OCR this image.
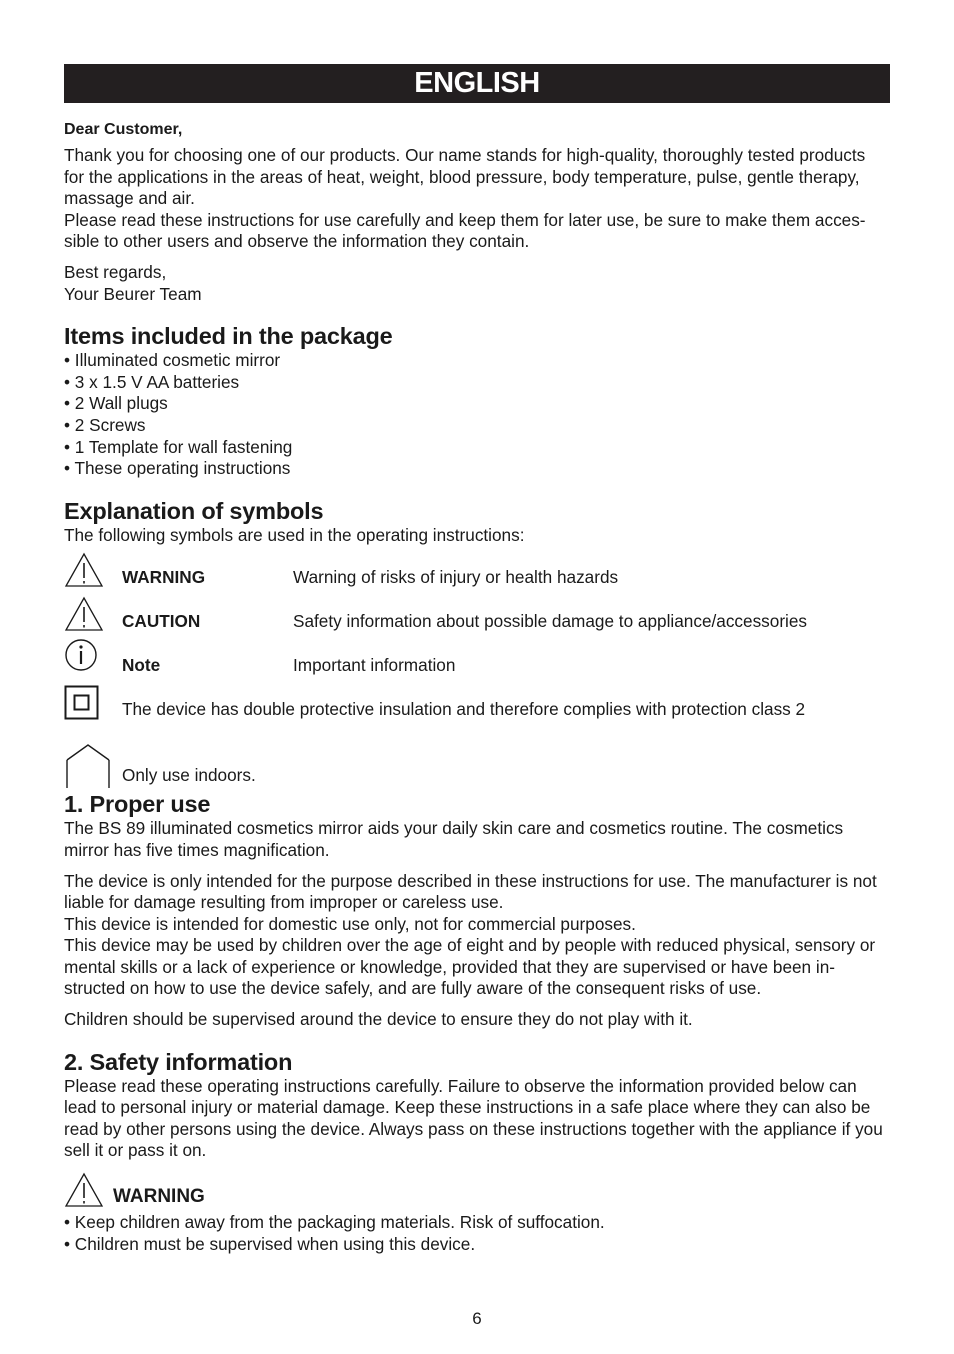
ENGLISH

Dear Customer,

Thank you for choosing one of our products. Our name stands for high-quality, thoroughly tested products for the applications in the areas of heat, weight, blood pressure, body temperature, pulse, gentle therapy, massage and air.

Please read these instructions for use carefully and keep them for later use, be sure to make them acces-sible to other users and observe the information they contain.

Best regards,

Your Beurer Team

Items included in the package
• Illuminated cosmetic mirror
• 3 x 1.5 V AA batteries
• 2 Wall plugs
• 2 Screws
• 1 Template for wall fastening
• These operating instructions
Explanation of symbols

The following symbols are used in the operating instructions:

WARNING	Warning of risks of injury or health hazards
CAUTION	Safety information about possible damage to appliance/accessories
Note	Important information
The device has double protective insulation and therefore complies with protection class 2
Only use indoors.
1. Proper use

The BS 89 illuminated cosmetics mirror aids your daily skin care and cosmetics routine. The cosmetics mirror has five times magnification.

The device is only intended for the purpose described in these instructions for use. The manufacturer is not liable for damage resulting from improper or careless use.

This device is intended for domestic use only, not for commercial purposes.

This device may be used by children over the age of eight and by people with reduced physical, sensory or mental skills or a lack of experience or knowledge, provided that they are supervised or have been in-structed on how to use the device safely, and are fully aware of the consequent risks of use.

Children should be supervised around the device to ensure they do not play with it.

2. Safety information

Please read these operating instructions carefully. Failure to observe the information provided below can lead to personal injury or material damage. Keep these instructions in a safe place where they can also be read by other persons using the device. Always pass on these instructions together with the appliance if you sell it or pass it on.

WARNING
• Keep children away from the packaging materials. Risk of suffocation.
• Children must be supervised when using this device.
6
